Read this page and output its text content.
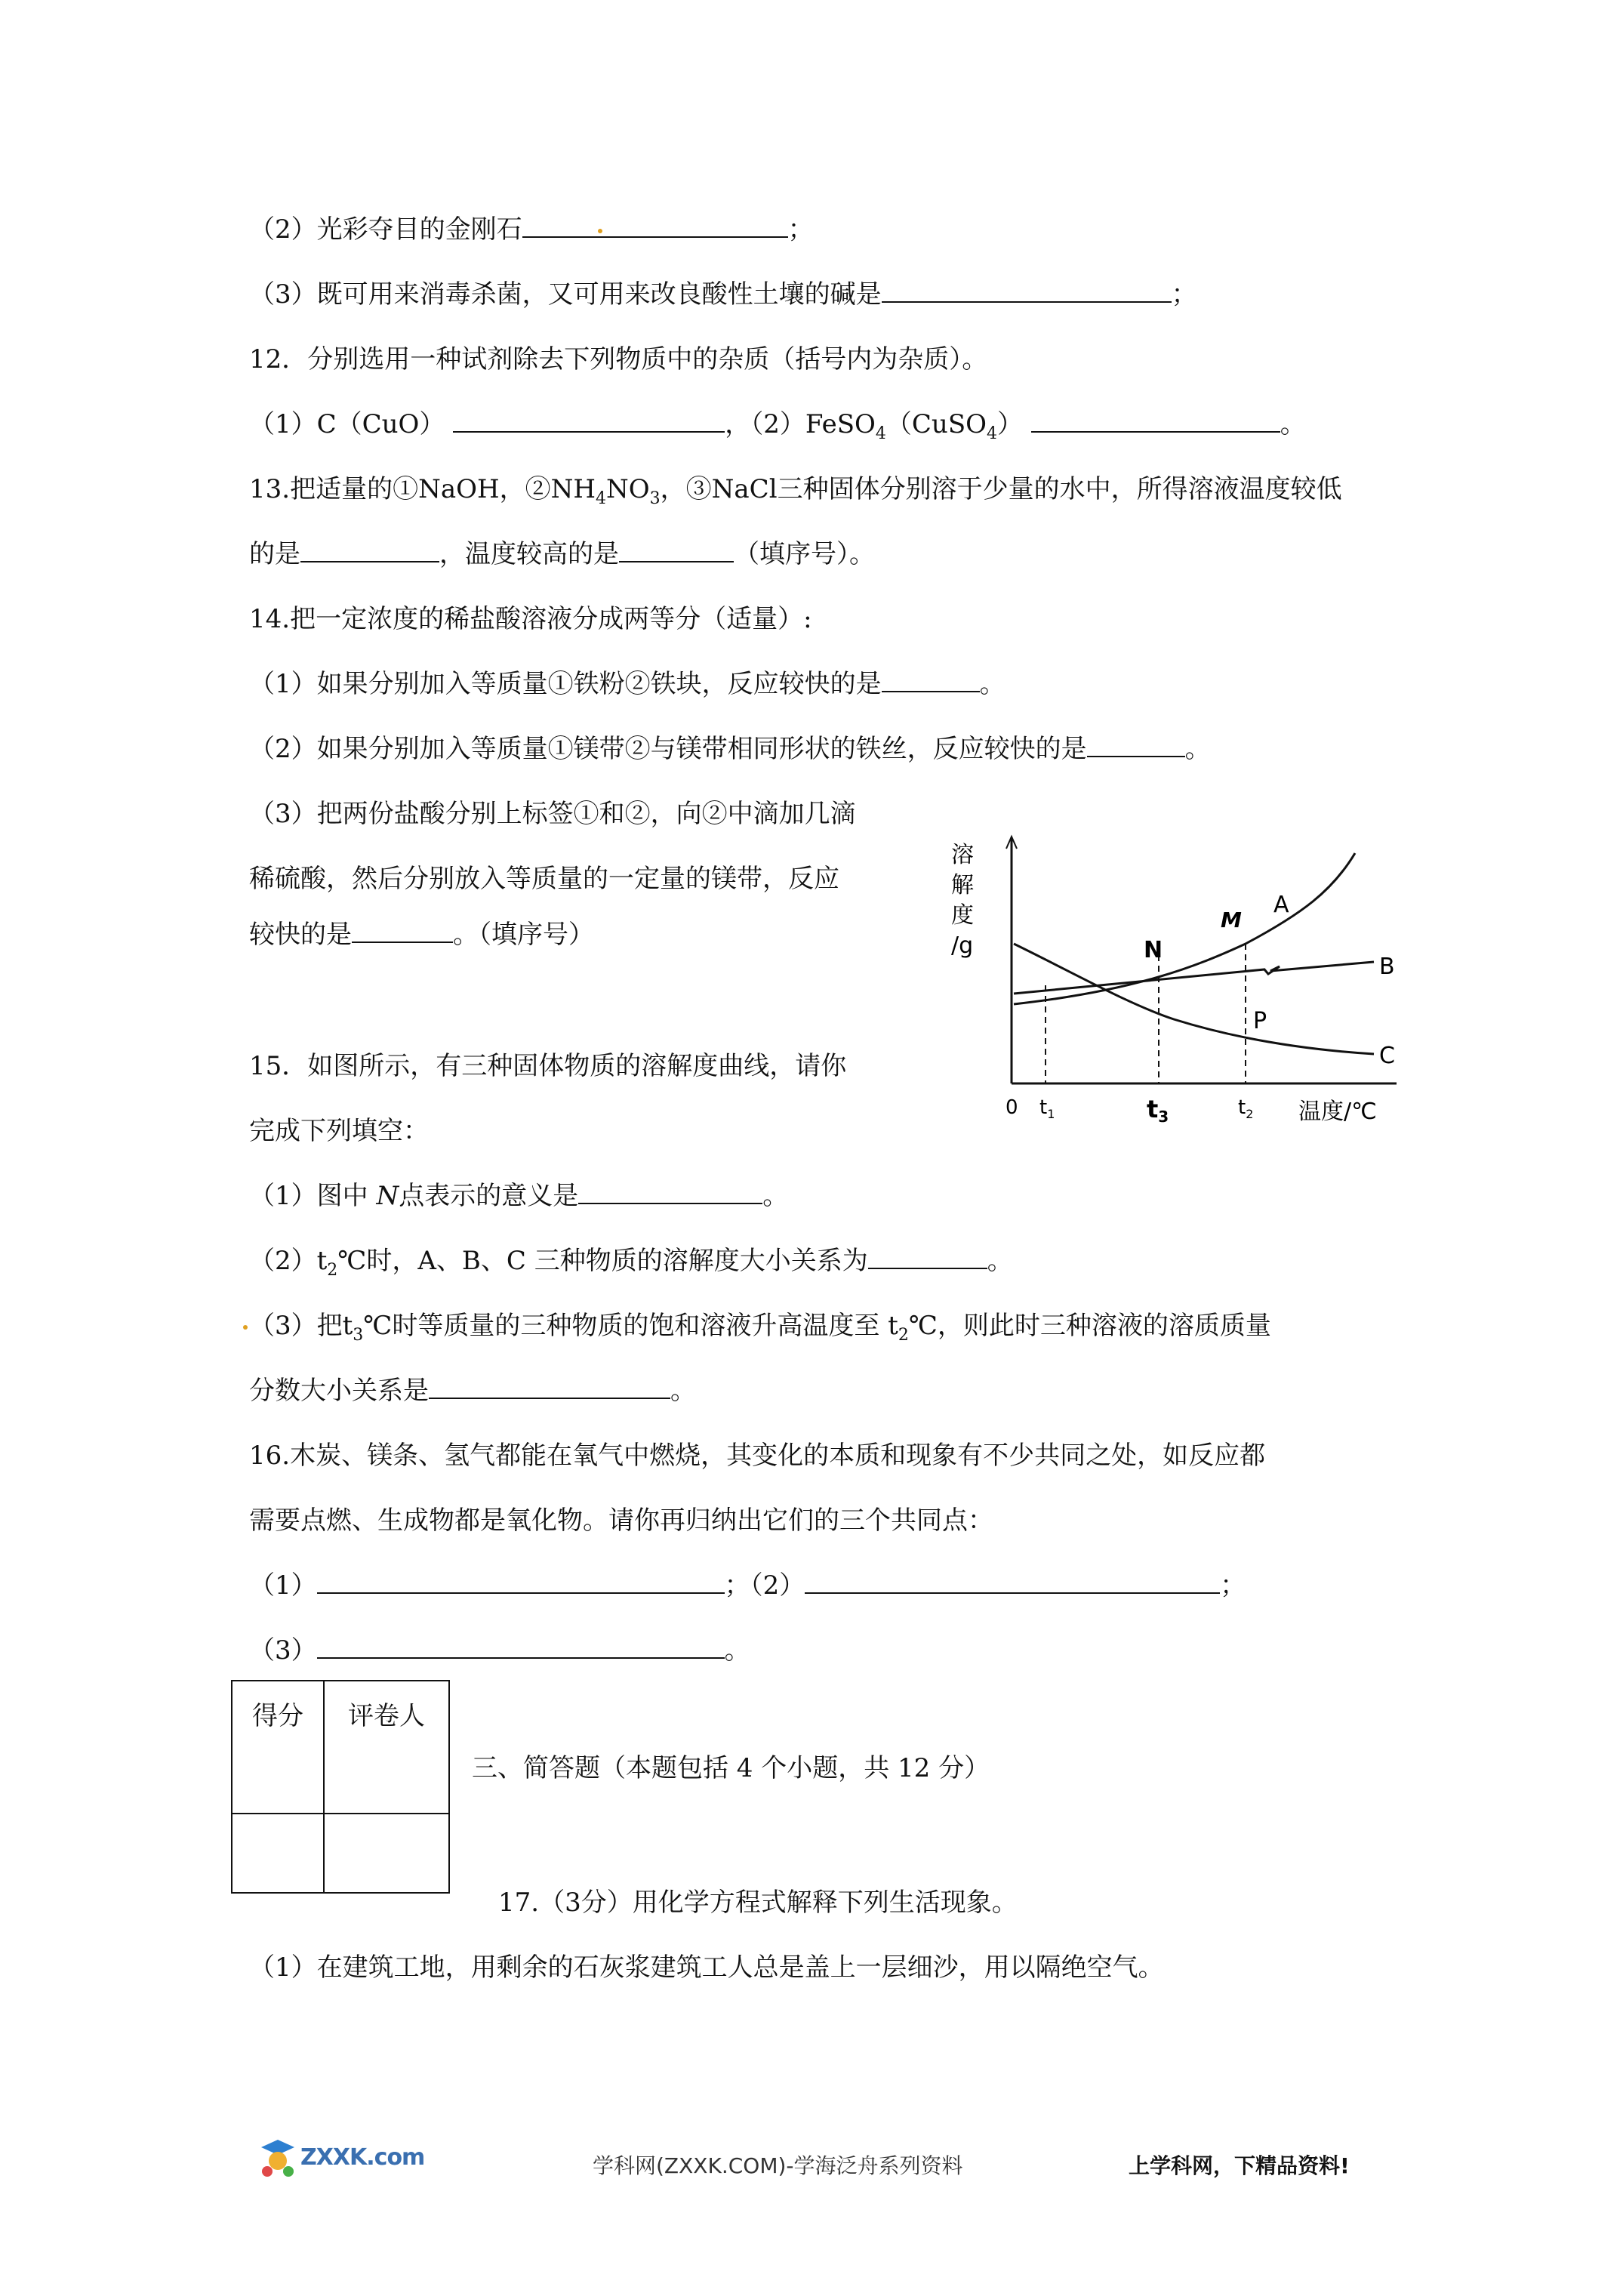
（2）光彩夺目的金刚石	；
（3）既可用来消毒杀菌，又可用来改良酸性土壤的碱是	；
12．分别选用一种试剂除去下列物质中的杂质（括号内为杂质）。
（1）C（CuO）	，（2）FeSO$_4$（CuSO$_4$）	。
13.把适量的①NaOH，$②NH_4NO_3$，③NaCl三种固体分别溶于少量的水中，所得溶液温度较低
的是	，温度较高的是	（填序号）。
14.把一定浓度的稀盐酸溶液分成两等分（适量）:
（1）如果分别加入等质量①铁粉②铁块，反应较快的是	。
（2）如果分别加入等质量①镁带②与镁带相同形状的铁丝，反应较快的是	。
（3）把两份盐酸分别上标签①和②，向②中滴加几滴
稀硫酸，然后分别放入等质量的一定量的镁带，反应
较快的是	。（填序号）
15．如图所示，有三种固体物质的溶解度曲线，请你
完成下列填空：
溶
解
度
/g
M
N
P
A
B
C
0 $t_1$	t3	$t_2$ 温度/℃
（1）图中 N点表示的意义是	。
$(2)t_2℃$时，A、B、C 三种物质的溶解度大小关系为	。
（3）把$t_3℃$时等质量的三种物质的饱和溶液升高温度至 $t_2℃$，则此时三种溶液的溶质质量
分数大小关系是	。
16.木炭、镁条、氢气都能在氧气中燃烧，其变化的本质和现象有不少共同之处，如反应都
需要点燃、生成物都是氧化物。请你再归纳出它们的三个共同点：
（1）	；（2）	；
（3）	。
得分	评卷人

三、简答题（本题包括 4 个小题，共 12 分）
17.（3分）用化学方程式解释下列生活现象。
（1）在建筑工地，用剩余的石灰浆建筑工人总是盖上一层细沙，用以隔绝空气。
ZXXK.com	学科网(ZXXK.COM)-学海泛舟系列资料	上学科网，下精品资料!
